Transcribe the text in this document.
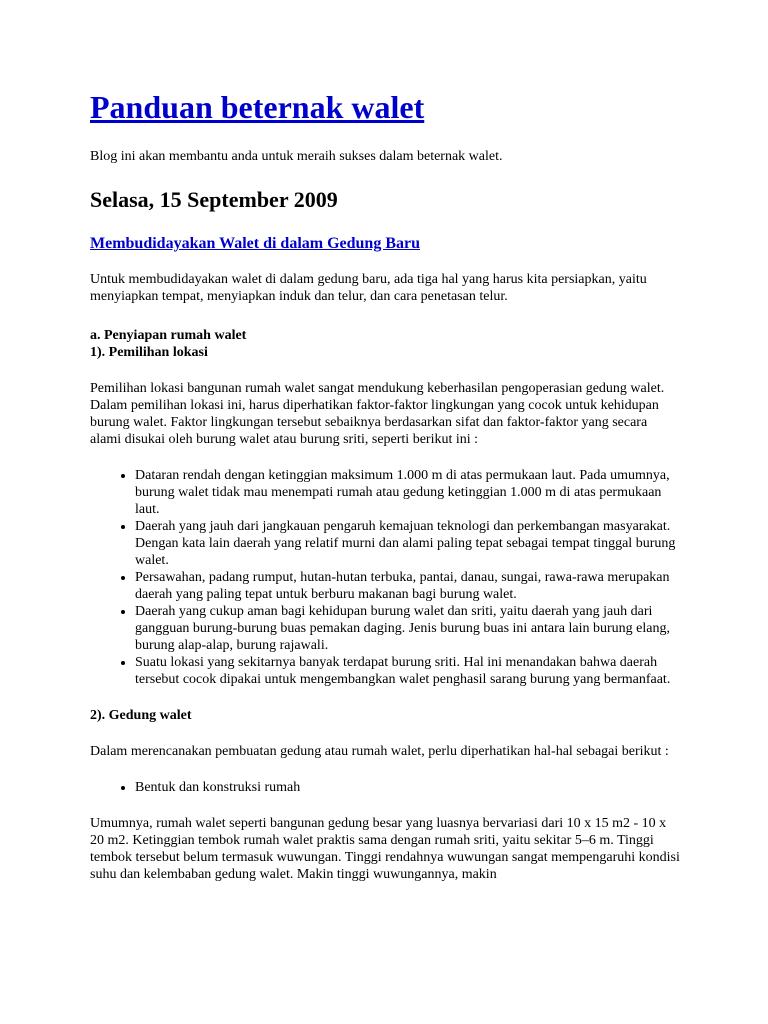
Panduan beternak walet

Blog ini akan membantu anda untuk meraih sukses dalam beternak walet.

Selasa, 15 September 2009
Membudidayakan Walet di dalam Gedung Baru

Untuk membudidayakan walet di dalam gedung baru, ada tiga hal yang harus kita persiapkan, yaitu menyiapkan tempat, menyiapkan induk dan telur, dan cara penetasan telur.

a. Penyiapan rumah walet

1). Pemilihan lokasi

Pemilihan lokasi bangunan rumah walet sangat mendukung keberhasilan pengoperasian gedung walet. Dalam pemilihan lokasi ini, harus diperhatikan faktor-faktor lingkungan yang cocok untuk kehidupan burung walet. Faktor lingkungan tersebut sebaiknya berdasarkan sifat dan faktor-faktor yang secara alami disukai oleh burung walet atau burung sriti, seperti berikut ini :

• Dataran rendah dengan ketinggian maksimum 1.000 m di atas permukaan laut. Pada umumnya, burung walet tidak mau menempati rumah atau gedung ketinggian 1.000 m di atas permukaan laut.
• Daerah yang jauh dari jangkauan pengaruh kemajuan teknologi dan perkembangan masyarakat. Dengan kata lain daerah yang relatif murni dan alami paling tepat sebagai tempat tinggal burung walet.
• Persawahan, padang rumput, hutan-hutan terbuka, pantai, danau, sungai, rawa-rawa merupakan daerah yang paling tepat untuk berburu makanan bagi burung walet.
• Daerah yang cukup aman bagi kehidupan burung walet dan sriti, yaitu daerah yang jauh dari gangguan burung-burung buas pemakan daging. Jenis burung buas ini antara lain burung elang, burung alap-alap, burung rajawali.
• Suatu lokasi yang sekitarnya banyak terdapat burung sriti. Hal ini menandakan bahwa daerah tersebut cocok dipakai untuk mengembangkan walet penghasil sarang burung yang bermanfaat.

2). Gedung walet

Dalam merencanakan pembuatan gedung atau rumah walet, perlu diperhatikan hal-hal sebagai berikut :

• Bentuk dan konstruksi rumah

Umumnya, rumah walet seperti bangunan gedung besar yang luasnya bervariasi dari 10 x 15 m2 - 10 x 20 m2. Ketinggian tembok rumah walet praktis sama dengan rumah sriti, yaitu sekitar 5–6 m. Tinggi tembok tersebut belum termasuk wuwungan. Tinggi rendahnya wuwungan sangat mempengaruhi kondisi suhu dan kelembaban gedung walet. Makin tinggi wuwungannya, makin
